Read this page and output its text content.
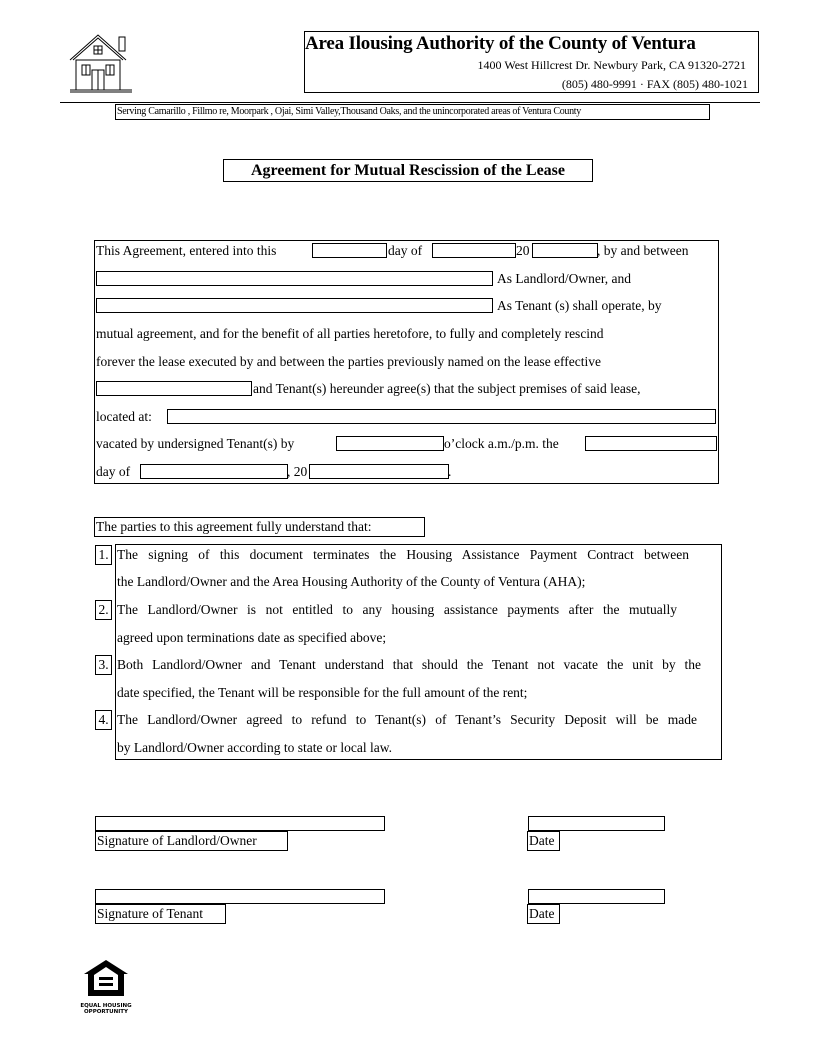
Area Ilousing Authority of the County of Ventura
1400 West Hillcrest Dr. Newbury Park, CA 91320-2721
(805) 480-9991 · FAX (805) 480-1021
Serving Camarillo , Fillmo re, Moorpark , Ojai, Simi Valley,Thousand Oaks, and the unincorporated areas of Ventura County
Agreement for Mutual Rescission of the Lease
This Agreement, entered into this	day of	20	, by and between
As Landlord/Owner, and
As Tenant (s) shall operate, by
mutual agreement, and for the benefit of all parties heretofore, to fully and completely rescind
forever the lease executed by and between the parties previously named on the lease effective
and Tenant(s) hereunder agree(s) that the subject premises of said lease,
located at:
vacated by undersigned Tenant(s) by	o’clock a.m./p.m. the
day of	, 20	.
The parties to this agreement fully understand that:
1. The signing of this document terminates the Housing Assistance Payment Contract between
the Landlord/Owner and the Area Housing Authority of the County of Ventura (AHA);
2. The Landlord/Owner is not entitled to any housing assistance payments after the mutually
agreed upon terminations date as specified above;
3. Both Landlord/Owner and Tenant understand that should the Tenant not vacate the unit by the
date specified, the Tenant will be responsible for the full amount of the rent;
4. The Landlord/Owner agreed to refund to Tenant(s) of Tenant’s Security Deposit will be made
by Landlord/Owner according to state or local law.
Signature of Landlord/Owner	Date
Signature of Tenant	Date
EQUAL HOUSING
OPPORTUNITY
